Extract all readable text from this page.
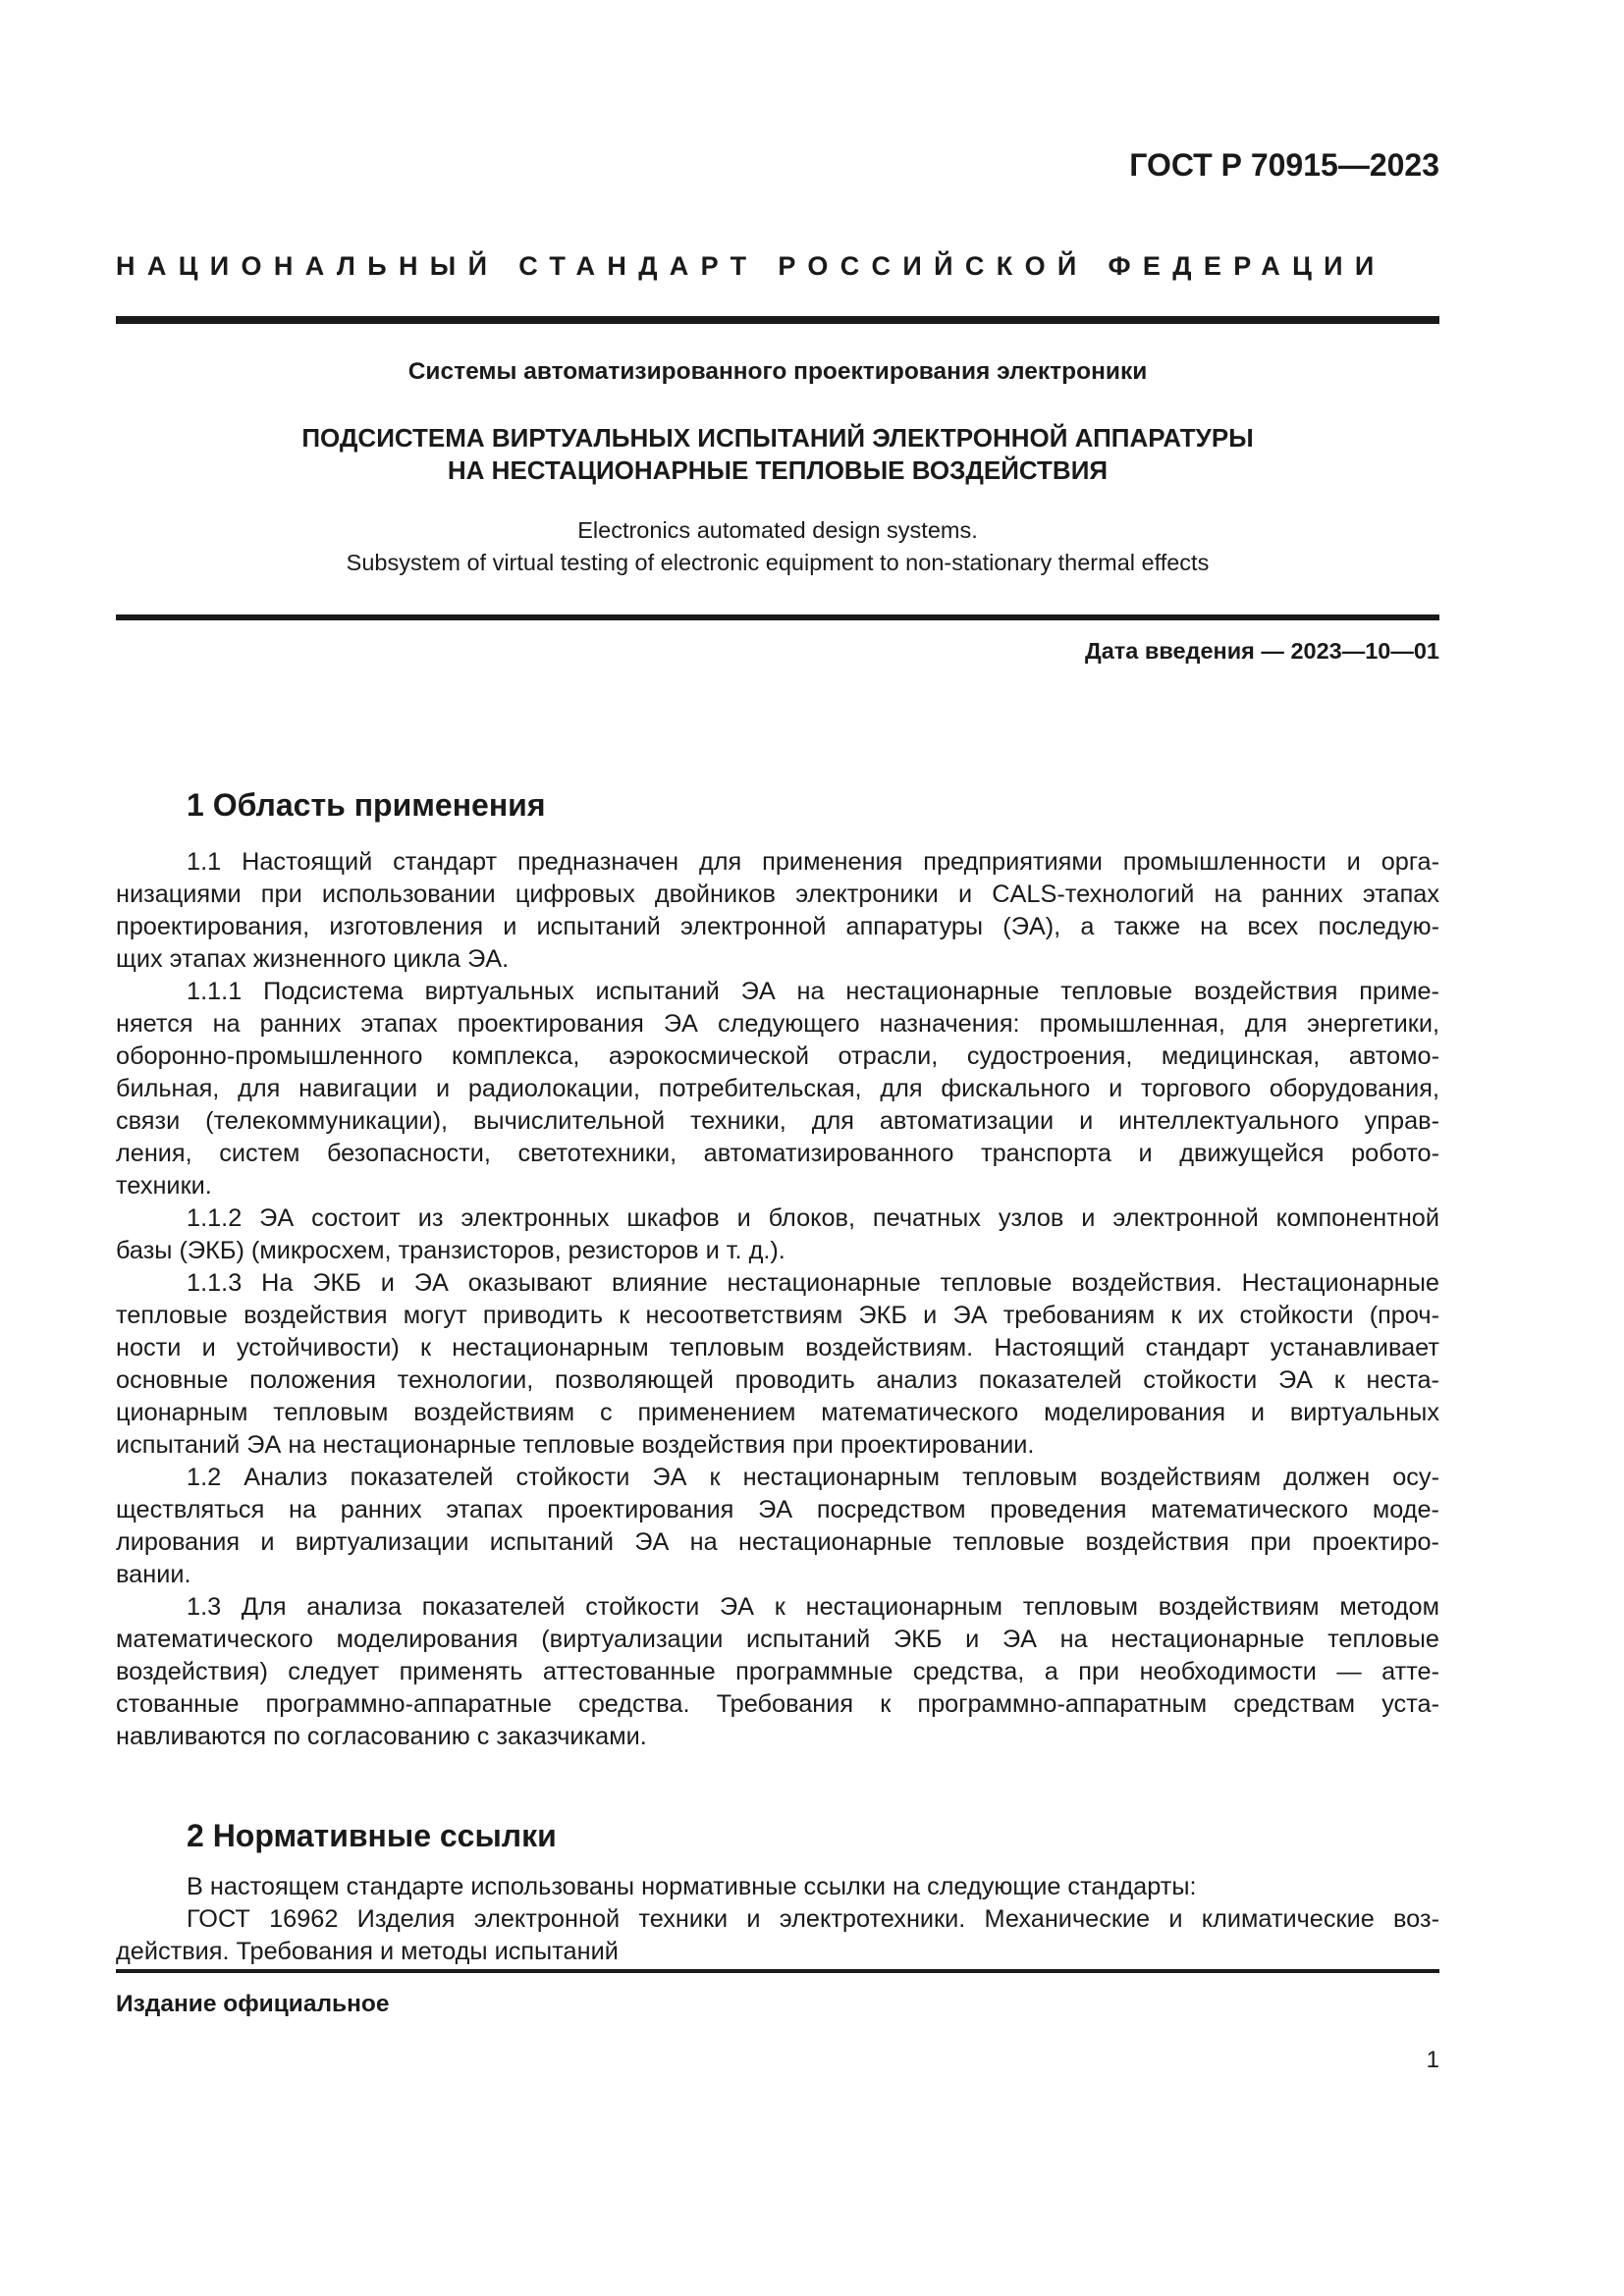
ГОСТ Р 70915—2023
НАЦИОНАЛЬНЫЙ СТАНДАРТ РОССИЙСКОЙ ФЕДЕРАЦИИ
Системы автоматизированного проектирования электроники
ПОДСИСТЕМА ВИРТУАЛЬНЫХ ИСПЫТАНИЙ ЭЛЕКТРОННОЙ АППАРАТУРЫ
НА НЕСТАЦИОНАРНЫЕ ТЕПЛОВЫЕ ВОЗДЕЙСТВИЯ
Electronics automated design systems.
Subsystem of virtual testing of electronic equipment to non-stationary thermal effects
Дата введения — 2023—10—01
1 Область применения
1.1 Настоящий стандарт предназначен для применения предприятиями промышленности и орга-
низациями при использовании цифровых двойников электроники и CALS-технологий на ранних этапах
проектирования, изготовления и испытаний электронной аппаратуры (ЭА), а также на всех последую-
щих этапах жизненного цикла ЭА.
1.1.1 Подсистема виртуальных испытаний ЭА на нестационарные тепловые воздействия приме-
няется на ранних этапах проектирования ЭА следующего назначения: промышленная, для энергетики,
оборонно-промышленного комплекса, аэрокосмической отрасли, судостроения, медицинская, автомо-
бильная, для навигации и радиолокации, потребительская, для фискального и торгового оборудования,
связи (телекоммуникации), вычислительной техники, для автоматизации и интеллектуального управ-
ления, систем безопасности, светотехники, автоматизированного транспорта и движущейся робото-
техники.
1.1.2 ЭА состоит из электронных шкафов и блоков, печатных узлов и электронной компонентной
базы (ЭКБ) (микросхем, транзисторов, резисторов и т. д.).
1.1.3 На ЭКБ и ЭА оказывают влияние нестационарные тепловые воздействия. Нестационарные
тепловые воздействия могут приводить к несоответствиям ЭКБ и ЭА требованиям к их стойкости (проч-
ности и устойчивости) к нестационарным тепловым воздействиям. Настоящий стандарт устанавливает
основные положения технологии, позволяющей проводить анализ показателей стойкости ЭА к неста-
ционарным тепловым воздействиям с применением математического моделирования и виртуальных
испытаний ЭА на нестационарные тепловые воздействия при проектировании.
1.2 Анализ показателей стойкости ЭА к нестационарным тепловым воздействиям должен осу-
ществляться на ранних этапах проектирования ЭА посредством проведения математического моде-
лирования и виртуализации испытаний ЭА на нестационарные тепловые воздействия при проектиро-
вании.
1.3 Для анализа показателей стойкости ЭА к нестационарным тепловым воздействиям методом
математического моделирования (виртуализации испытаний ЭКБ и ЭА на нестационарные тепловые
воздействия) следует применять аттестованные программные средства, а при необходимости — атте-
стованные программно-аппаратные средства. Требования к программно-аппаратным средствам уста-
навливаются по согласованию с заказчиками.
2 Нормативные ссылки
В настоящем стандарте использованы нормативные ссылки на следующие стандарты:
ГОСТ 16962 Изделия электронной техники и электротехники. Механические и климатические воз-
действия. Требования и методы испытаний
Издание официальное
1
